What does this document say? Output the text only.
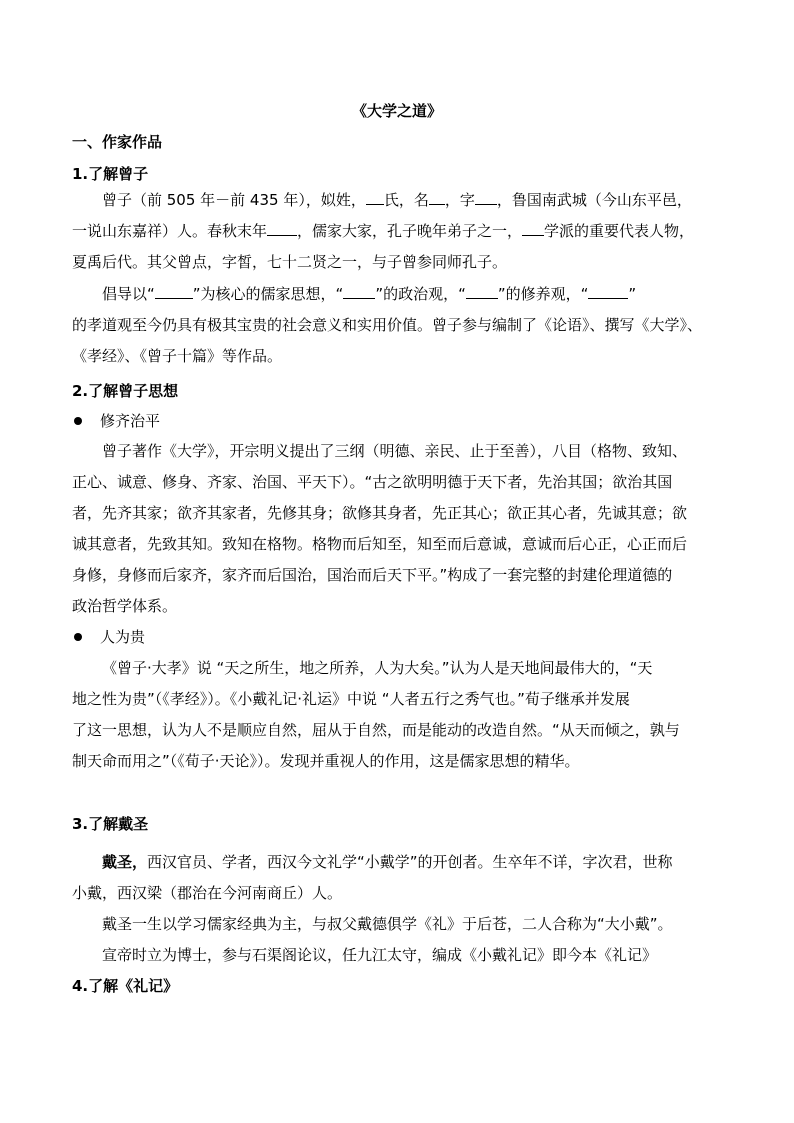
《大学之道》
一、作家作品
1.了解曾子
曾子（前 505 年－前 435 年），姒姓， 氏，名 ，字 ，鲁国南武城（今山东平邑，
一说山东嘉祥）人。春秋末年 ，儒家大家，孔子晚年弟子之一， 学派的重要代表人物，
夏禹后代。其父曾点，字皙，七十二贤之一，与子曾参同师孔子。
倡导以“	”为核心的儒家思想，“ ”的政治观，“ ”的修养观，“	”
的孝道观至今仍具有极其宝贵的社会意义和实用价值。曾子参与编制了《论语》、撰写《大学》、
《孝经》、《曾子十篇》等作品。
2.了解曾子思想
修齐治平
曾子著作《大学》，开宗明义提出了三纲（明德、亲民、止于至善），八目（格物、致知、
正心、诚意、修身、齐家、治国、平天下）。“古之欲明明德于天下者，先治其国；欲治其国
者，先齐其家；欲齐其家者，先修其身；欲修其身者，先正其心；欲正其心者，先诚其意；欲
诚其意者，先致其知。致知在格物。格物而后知至，知至而后意诚，意诚而后心正，心正而后
身修，身修而后家齐，家齐而后国治，国治而后天下平。”构成了一套完整的封建伦理道德的
政治哲学体系。
人为贵
《曾子·大孝》说 “天之所生，地之所养，人为大矣。”认为人是天地间最伟大的，“天
地之性为贵”（《孝经》）。《小戴礼记·礼运》中说 “人者五行之秀气也。”荀子继承并发展
了这一思想，认为人不是顺应自然，屈从于自然，而是能动的改造自然。“从天而倾之，孰与
制天命而用之”（《荀子·天论》）。发现并重视人的作用，这是儒家思想的精华。
3.了解戴圣
戴圣，西汉官员、学者，西汉今文礼学“小戴学”的开创者。生卒年不详，字次君，世称
小戴，西汉梁（郡治在今河南商丘）人。
戴圣一生以学习儒家经典为主，与叔父戴德俱学《礼》于后苍，二人合称为“大小戴”。
宣帝时立为博士，参与石渠阁论议，任九江太守，编成《小戴礼记》即今本《礼记》
4.了解《礼记》
